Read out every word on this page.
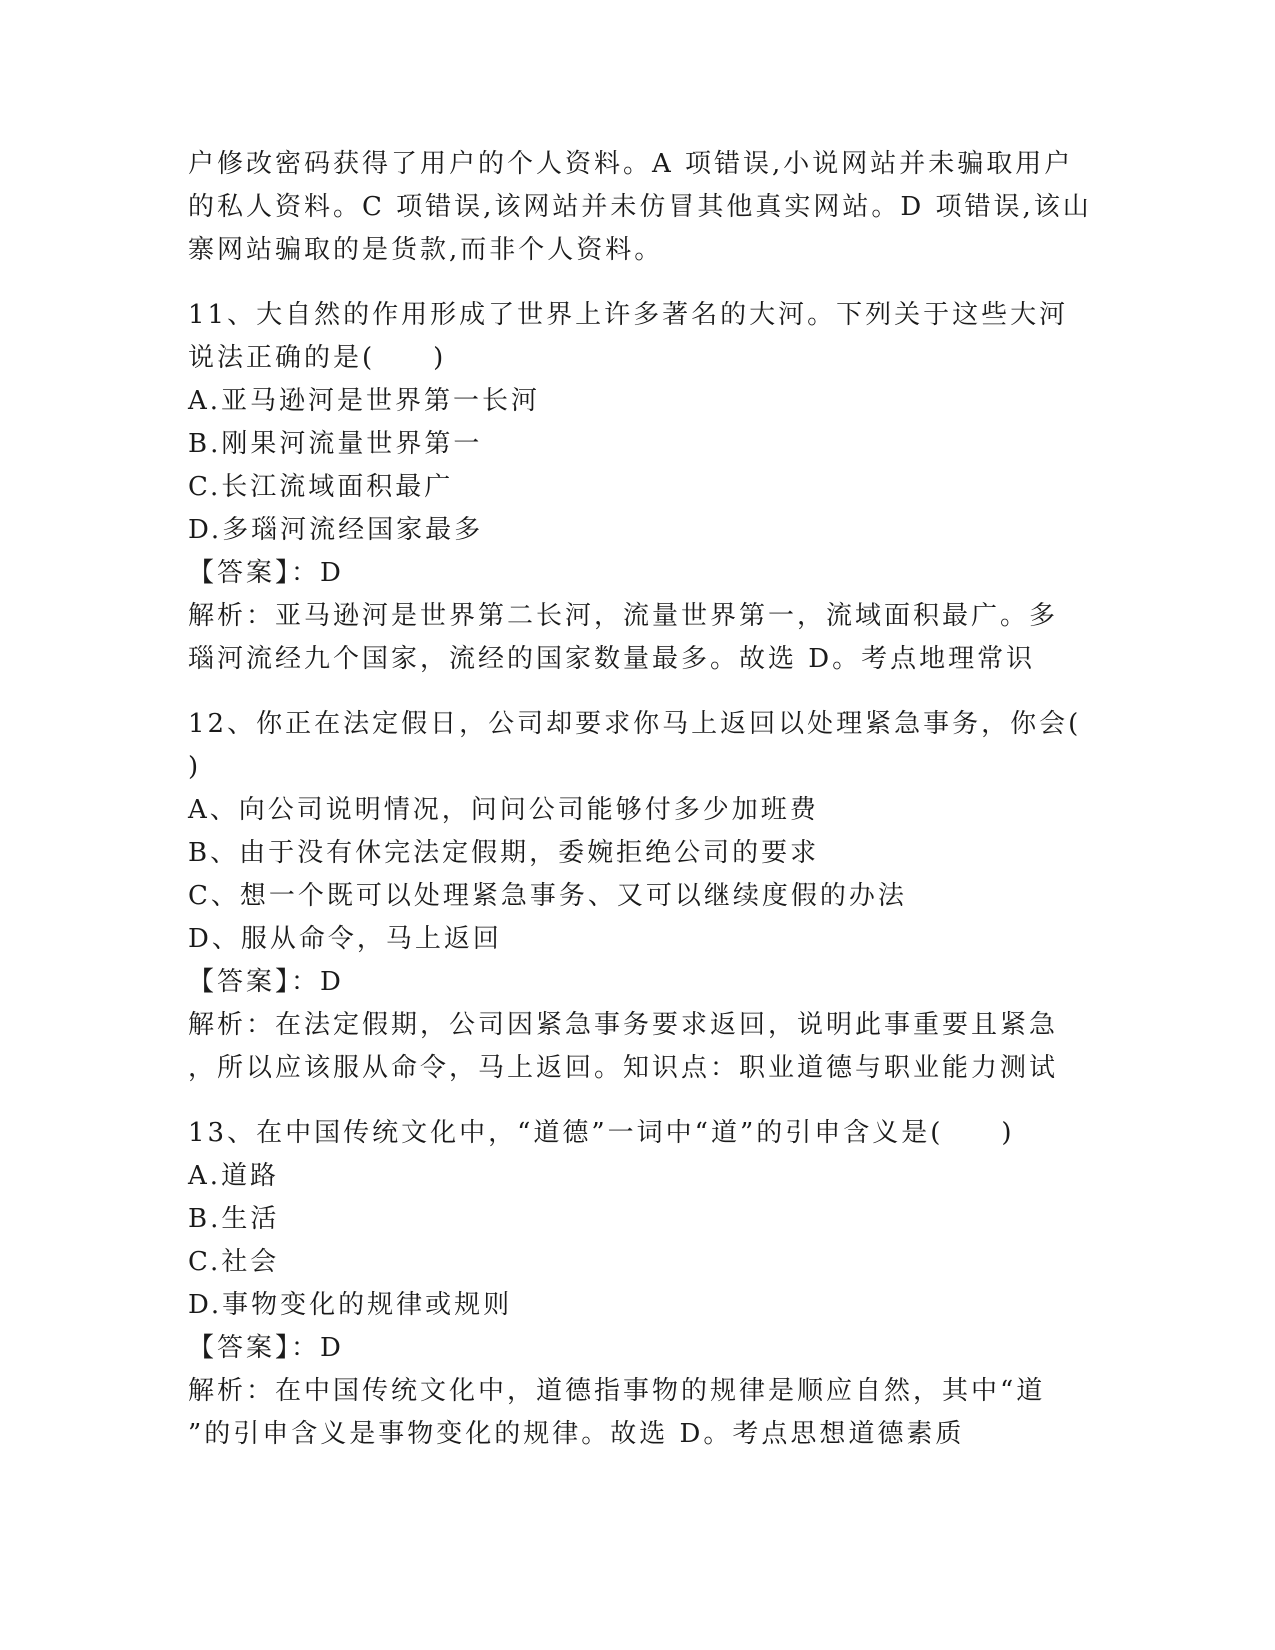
户修改密码获得了用户的个人资料。A 项错误,小说网站并未骗取用户
的私人资料。C 项错误,该网站并未仿冒其他真实网站。D 项错误,该山
寨网站骗取的是货款,而非个人资料。
11、大自然的作用形成了世界上许多著名的大河。下列关于这些大河
说法正确的是(　　)
A.亚马逊河是世界第一长河
B.刚果河流量世界第一
C.长江流域面积最广
D.多瑙河流经国家最多
【答案】：D
解析：亚马逊河是世界第二长河，流量世界第一，流域面积最广。多
瑙河流经九个国家，流经的国家数量最多。故选 D。考点地理常识
12、你正在法定假日，公司却要求你马上返回以处理紧急事务，你会(
)
A、向公司说明情况，问问公司能够付多少加班费
B、由于没有休完法定假期，委婉拒绝公司的要求
C、想一个既可以处理紧急事务、又可以继续度假的办法
D、服从命令，马上返回
【答案】：D
解析：在法定假期，公司因紧急事务要求返回，说明此事重要且紧急
，所以应该服从命令，马上返回。知识点：职业道德与职业能力测试
13、在中国传统文化中，“道德”一词中“道”的引申含义是(　　)
A.道路
B.生活
C.社会
D.事物变化的规律或规则
【答案】：D
解析：在中国传统文化中，道德指事物的规律是顺应自然，其中“道
”的引申含义是事物变化的规律。故选 D。考点思想道德素质
